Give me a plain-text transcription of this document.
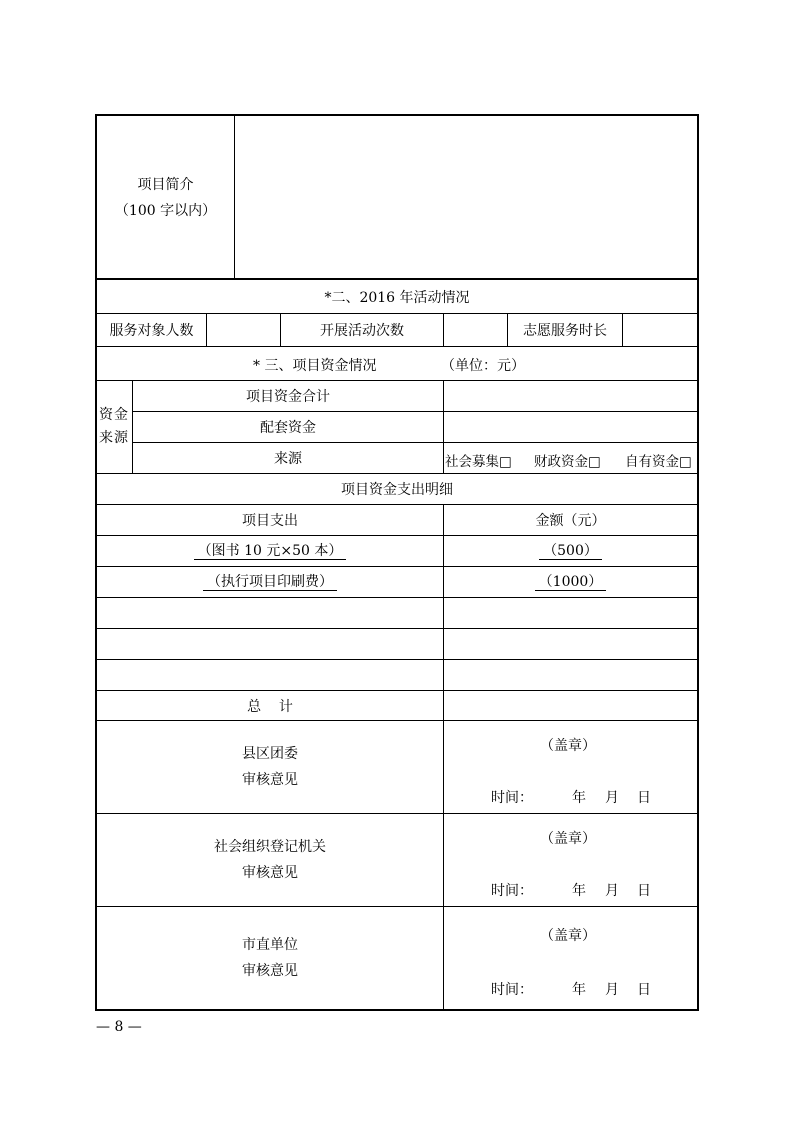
项目简介
（100 字以内）
*二、2016 年活动情况
服务对象人数	开展活动次数	志愿服务时长
* 三、项目资金情况	（单位：元）
资金来源
项目资金合计
配套资金
来源	社会募集□ 财政资金□ 自有资金□
项目资金支出明细
项目支出	金额（元）
（图书 10 元×50 本）	（500）
（执行项目印刷费）	（1000）
总    计
县区团委
审核意见
（盖章）
时间：	年 月 日
社会组织登记机关
审核意见
（盖章）
时间：	年 月 日
市直单位
审核意见
（盖章）
时间：	年 月 日
— 8 —
